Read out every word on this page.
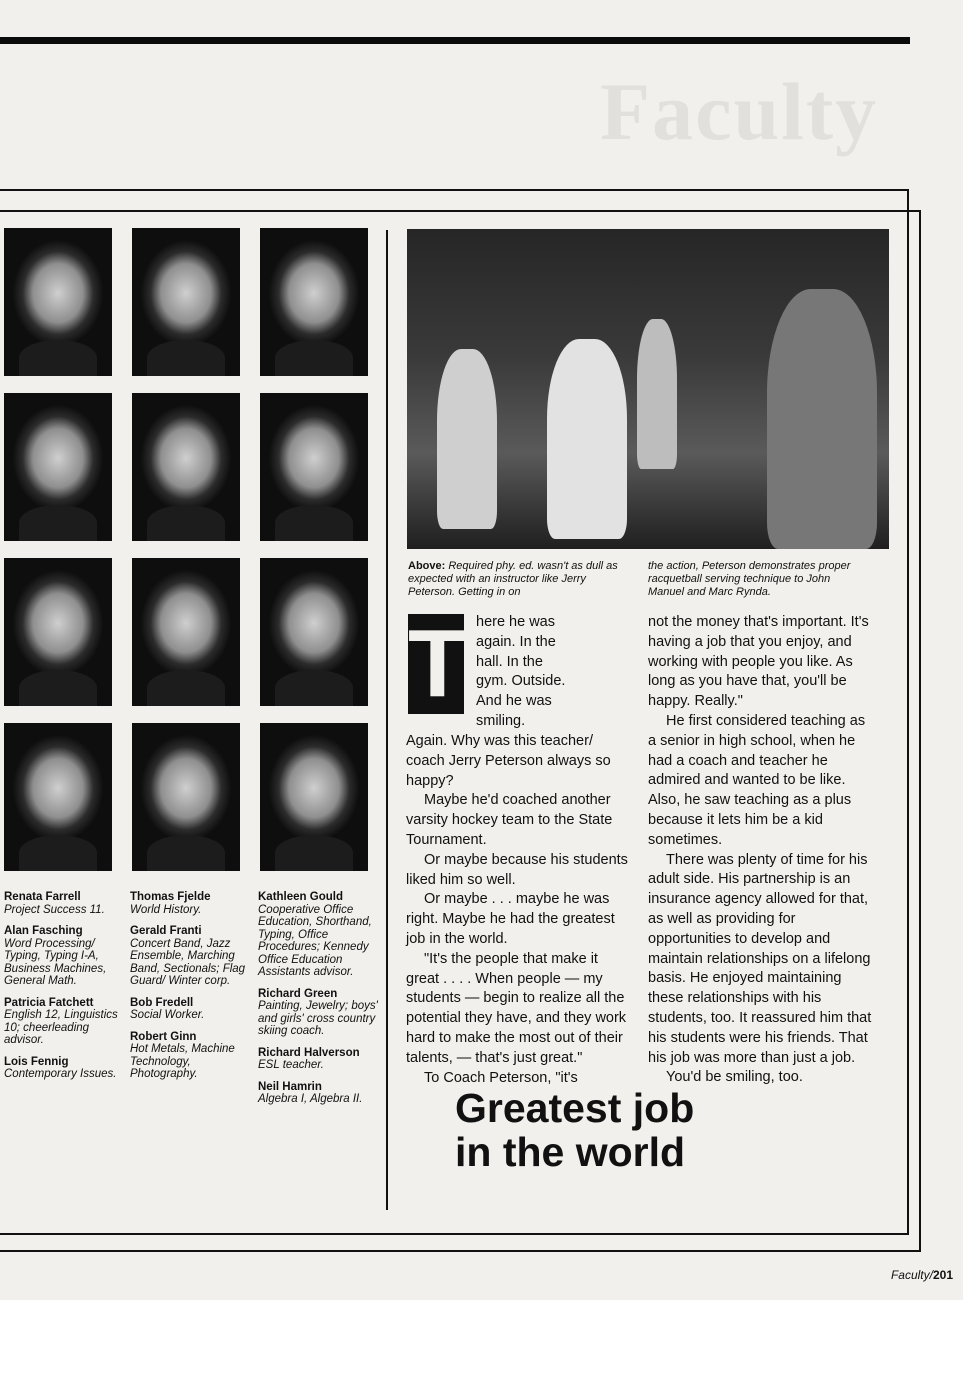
Faculty
Renata Farrell
Project Success 11.
Alan Fasching
Word Processing/ Typing, Typing I-A, Business Machines, General Math.
Patricia Fatchett
English 12, Linguistics 10; cheerleading advisor.
Lois Fennig
Contemporary Issues.
Thomas Fjelde
World History.
Gerald Franti
Concert Band, Jazz Ensemble, Marching Band, Sectionals; Flag Guard/ Winter corp.
Bob Fredell
Social Worker.
Robert Ginn
Hot Metals, Machine Technology, Photography.
Kathleen Gould
Cooperative Office Education, Shorthand, Typing, Office Procedures; Kennedy Office Education Assistants advisor.
Richard Green
Painting, Jewelry; boys' and girls' cross country skiing coach.
Richard Halverson
ESL teacher.
Neil Hamrin
Algebra I, Algebra II.
Above: Required phy. ed. wasn't as dull as expected with an instructor like Jerry Peterson. Getting in on
the action, Peterson demonstrates proper racquetball serving technique to John Manuel and Marc Rynda.
T here he was

again. In the

hall. In the

gym. Outside.

And he was

smiling.

Again. Why was this teacher/ coach Jerry Peterson always so happy?

Maybe he'd coached another varsity hockey team to the State Tournament.

Or maybe because his students liked him so well.

Or maybe . . . maybe he was right. Maybe he had the greatest job in the world.

"It's the people that make it great . . . . When people — my students — begin to realize all the potential they have, and they work hard to make the most out of their talents, — that's just great."

To Coach Peterson, "it's

not the money that's important. It's having a job that you enjoy, and working with people you like. As long as you have that, you'll be happy. Really."

He first considered teaching as a senior in high school, when he had a coach and teacher he admired and wanted to be like. Also, he saw teaching as a plus because it lets him be a kid sometimes.

There was plenty of time for his adult side. His partnership is an insurance agency allowed for that, as well as providing for opportunities to develop and maintain relationships on a lifelong basis. He enjoyed maintaining these relationships with his students, too. It reassured him that his students were his friends. That his job was more than just a job.

You'd be smiling, too.

Greatest job
in the world
Faculty/201
